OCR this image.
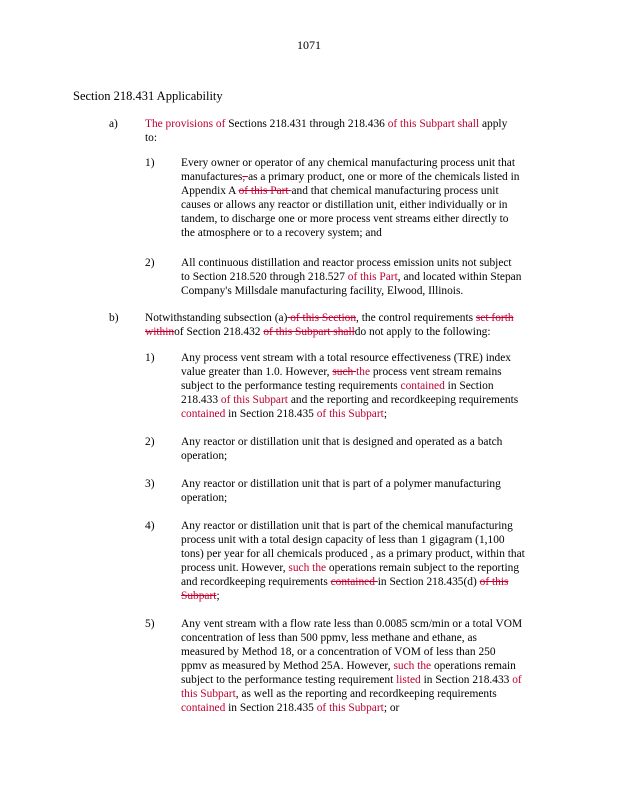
1071
Section 218.431 Applicability
a) The provisions of Sections 218.431 through 218.436 of this Subpart shall apply
to:
1) Every owner or operator of any chemical manufacturing process unit that
manufactures, as a primary product, one or more of the chemicals listed in
Appendix A of this Part and that chemical manufacturing process unit
causes or allows any reactor or distillation unit, either individually or in
tandem, to discharge one or more process vent streams either directly to
the atmosphere or to a recovery system; and
2) All continuous distillation and reactor process emission units not subject
to Section 218.520 through 218.527 of this Part, and located within Stepan
Company's Millsdale manufacturing facility, Elwood, Illinois.
b) Notwithstanding subsection (a) of this Section, the control requirements set forth
withinof Section 218.432 of this Subpart shalldo not apply to the following:
1) Any process vent stream with a total resource effectiveness (TRE) index
value greater than 1.0. However, such the process vent stream remains
subject to the performance testing requirements contained in Section
218.433 of this Subpart and the reporting and recordkeeping requirements
contained in Section 218.435 of this Subpart;
2) Any reactor or distillation unit that is designed and operated as a batch
operation;
3) Any reactor or distillation unit that is part of a polymer manufacturing
operation;
4) Any reactor or distillation unit that is part of the chemical manufacturing
process unit with a total design capacity of less than 1 gigagram (1,100
tons) per year for all chemicals produced , as a primary product, within that
process unit. However, such the operations remain subject to the reporting
and recordkeeping requirements contained in Section 218.435(d) of this
Subpart;
5) Any vent stream with a flow rate less than 0.0085 scm/min or a total VOM
concentration of less than 500 ppmv, less methane and ethane, as
measured by Method 18, or a concentration of VOM of less than 250
ppmv as measured by Method 25A. However, such the operations remain
subject to the performance testing requirement listed in Section 218.433 of
this Subpart, as well as the reporting and recordkeeping requirements
contained in Section 218.435 of this Subpart; or
